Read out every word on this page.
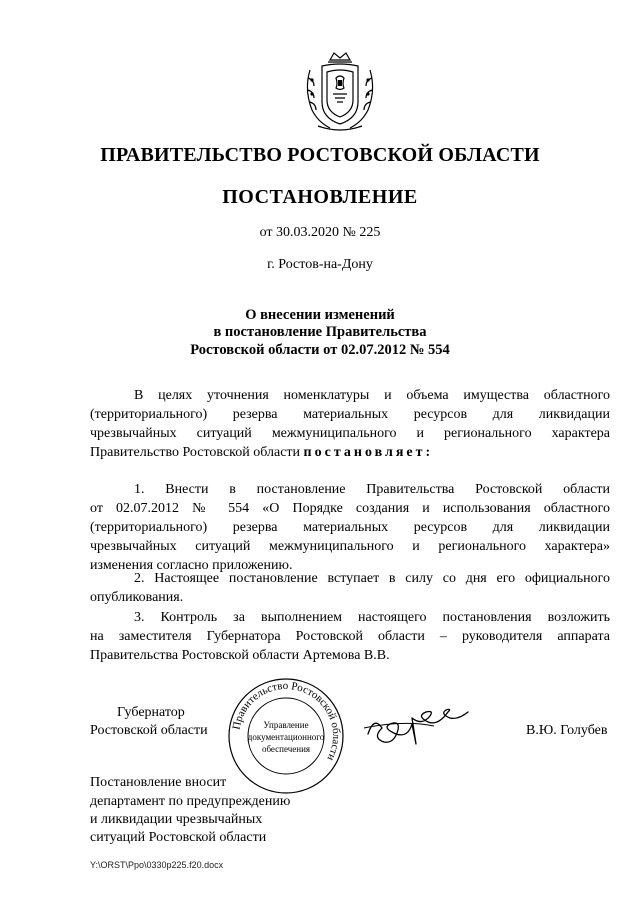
ПРАВИТЕЛЬСТВО РОСТОВСКОЙ ОБЛАСТИ
ПОСТАНОВЛЕНИЕ
от 30.03.2020 № 225
г. Ростов-на-Дону
О внесении изменений
в постановление Правительства
Ростовской области от 02.07.2012 № 554
В целях уточнения номенклатуры и объема имущества областного
(территориального) резерва материальных ресурсов для ликвидации
чрезвычайных ситуаций межмуниципального и регионального характера
Правительство Ростовской области постановляет:
1. Внести в постановление Правительства Ростовской области
от 02.07.2012 № 554 «О Порядке создания и использования областного
(территориального) резерва материальных ресурсов для ликвидации
чрезвычайных ситуаций межмуниципального и регионального характера»
изменения согласно приложению.
2. Настоящее постановление вступает в силу со дня его официального
опубликования.
3. Контроль за выполнением настоящего постановления возложить
на заместителя Губернатора Ростовской области – руководителя аппарата
Правительства Ростовской области Артемова В.В.
Губернатор
Ростовской области	В.Ю. Голубев
Правительство Ростовской области
Управление
документационного
обеспечения
Постановление вносит
департамент по предупреждению
и ликвидации чрезвычайных
ситуаций Ростовской области
Y:\ORST\Ppo\0330p225.f20.docx
